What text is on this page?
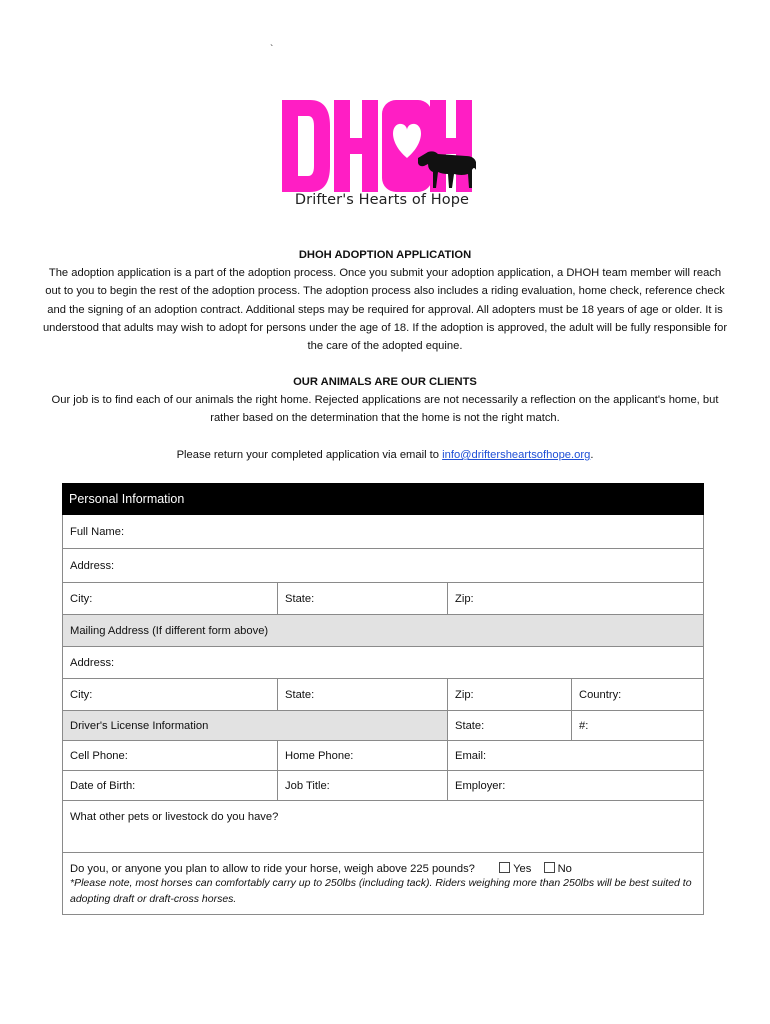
`
Drifter's Hearts of Hope
DHOH ADOPTION APPLICATION

The adoption application is a part of the adoption process. Once you submit your adoption application, a DHOH team member will reach out to you to begin the rest of the adoption process. The adoption process also includes a riding evaluation, home check, reference check and the signing of an adoption contract. Additional steps may be required for approval. All adopters must be 18 years of age or older. It is understood that adults may wish to adopt for persons under the age of 18. If the adoption is approved, the adult will be fully responsible for the care of the adopted equine.

OUR ANIMALS ARE OUR CLIENTS

Our job is to find each of our animals the right home. Rejected applications are not necessarily a reflection on the applicant's home, but rather based on the determination that the home is not the right match.

Please return your completed application via email to info@driftersheartsofhope.org.

Personal Information
Full Name:
Address:
City:	State:	Zip:
Mailing Address (If different form above)
Address:
City:	State:	Zip:	Country:
Driver's License Information	State:	#:
Cell Phone:	Home Phone:	Email:
Date of Birth:	Job Title:	Employer:
What other pets or livestock do you have?
Do you, or anyone you plan to allow to ride your horse, weigh above 225 pounds?	Yes No
*Please note, most horses can comfortably carry up to 250lbs (including tack). Riders weighing more than 250lbs will be best suited to adopting draft or draft-cross horses.
